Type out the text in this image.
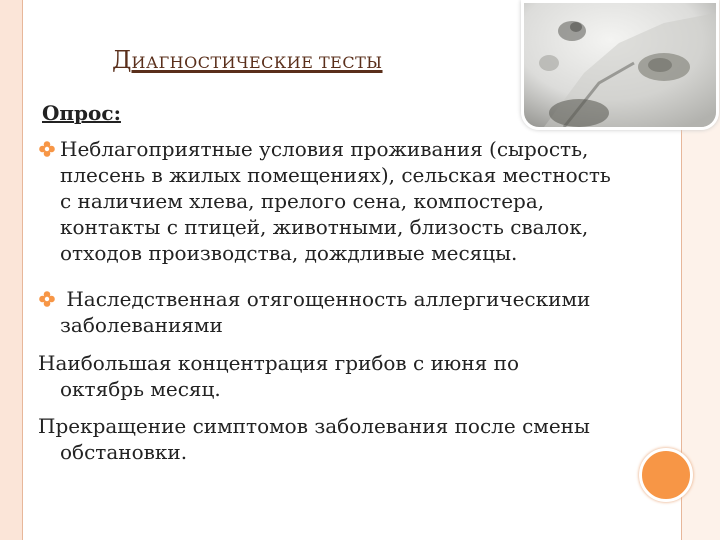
ДИАГНОСТИЧЕСКИЕ ТЕСТЫ
Опрос:
Неблагоприятные условия проживания (сырость,
плесень в жилых помещениях), сельская местность
с наличием хлева, прелого сена, компостера,
контакты с птицей, животными, близость свалок,
отходов производства, дождливые месяцы.
Наследственная отягощенность аллергическими
заболеваниями
Наибольшая концентрация грибов с июня по
октябрь месяц.
Прекращение симптомов заболевания после смены
обстановки.
